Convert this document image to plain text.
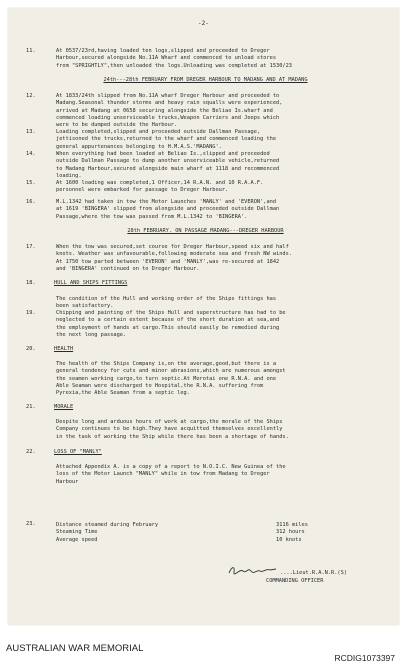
-2-
11.	At 0537/23rd,having loaded ten logs,slipped and proceeded to Dreger
Harbour,secured alongside No.11A Wharf and commenced to unload stores
from "SPRIGHTLY",then unloaded the logs.Unloading was completed at 1530/23
24th---28th FEBRUARY FROM DREGER HARBOUR TO MADANG AND AT MADANG
12.	At 1833/24th slipped from No.11A wharf Dreger Harbour and proceeded to
Madang.Seasonal thunder storms and heavy rain squalls were experienced,
arrived at Madang at 0658 securing alongside the Beliao Is.wharf and
commenced loading unserviceable trucks,Weapon Carriers and Jeeps which
were to be dumped outside the Harbour.
13.	Loading completed,slipped and proceeded outside Dallman Passage,
jettisoned the trucks,returned to the wharf and commenced loading the
general appurtenances belonging to H.M.A.S.'MADANG'.
14.	When everything had been loaded at Beliao Is.,slipped and proceeded
outside Dallman Passage to dump another unserviceable vehicle,returned
to Madang Harbour,secured alongside main wharf at 1118 and recommenced
loading.
15.	At 1600 loading was completed,1 Officer,14 R.A.N. and 10 R.A.A.F.
personnel were embarked for passage to Dreger Harbour.
16.	M.L.1342 had taken in tow the Motor Launches 'MANLY' and 'EVERON',and
at 1619 'BINGERA' slipped from alongside and proceeded outside Dallman
Passage,where the tow was passed from M.L.1342 to 'BINGERA'.
28th FEBRUARY. ON PASSAGE MADANG---DREGER HARBOUR
17.	When the tow was secured,set course for Dreger Harbour,speed six and half
knots. Weather was unfavourable,following moderate sea and fresh NW winds.
At 1750 tow parted between 'EVERON' and 'MANLY',was re-secured at 1842
and 'BINGERA' continued on to Dreger Harbour.
18.	HULL AND SHIPS FITTINGS
The condition of the Hull and working order of the Ships fittings has
been satisfactory.
19.	Chipping and painting of the Ships Hull and superstructure has had to be
neglected to a certain extent because of the short duration at sea,and
the employment of hands at cargo.This should easily be remedied during
the next long passage.
20.	HEALTH
The health of the Ships Company is,on the average,good,but there is a
general tendency for cuts and minor abrasions,which are numerous amongst
the seamen working cargo,to turn septic.At Morotai one R.N.A. and one
Able Seaman were discharged to Hospital,the R.N.A. suffering from
Pyrexia,the Able Seaman from a septic leg.
21.	MORALE
Despite long and arduous hours of work at cargo,the morale of the Ships
Company continues to be high.They have acquitted themselves excellently
in the task of working the Ship while there has been a shortage of hands.
22.	LOSS OF "MANLY"
Attached Appendix A. is a copy of a report to N.O.I.C. New Guinea of the
loss of the Motor Launch "MANLY" while in tow from Madang to Dreger
Harbour
23.	Distance steamed during February	3116 miles
Steaming Time	312 hours
Average speed	10 knots
....Lieut.R.A.N.R.(S)
COMMANDING OFFICER
AUSTRALIAN WAR MEMORIAL
RCDIG1073397
